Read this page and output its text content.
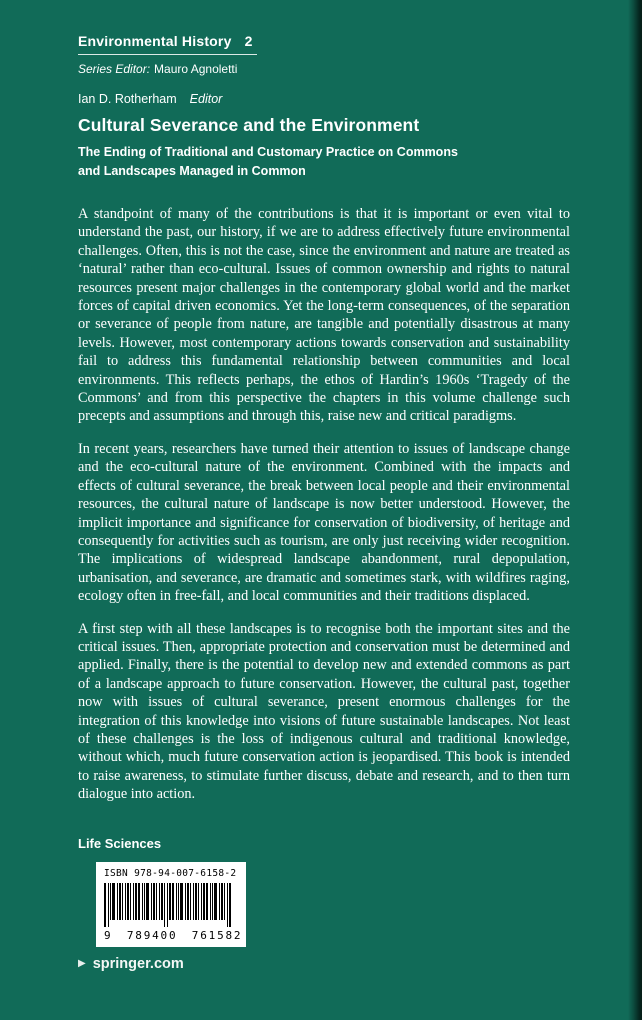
Environmental History 2
Series Editor: Mauro Agnoletti
Ian D. Rotherham Editor
Cultural Severance and the Environment
The Ending of Traditional and Customary Practice on Commons and Landscapes Managed in Common

A standpoint of many of the contributions is that it is important or even vital to understand the past, our history, if we are to address effectively future environmental challenges. Often, this is not the case, since the environment and nature are treated as ‘natural’ rather than eco-cultural. Issues of common ownership and rights to natural resources present major challenges in the contemporary global world and the market forces of capital driven economics. Yet the long-term consequences, of the separation or severance of people from nature, are tangible and potentially disastrous at many levels. However, most contemporary actions towards conservation and sustainability fail to address this fundamental relationship between communities and local environments. This reflects perhaps, the ethos of Hardin’s 1960s ‘Tragedy of the Commons’ and from this perspective the chapters in this volume challenge such precepts and assumptions and through this, raise new and critical paradigms.

In recent years, researchers have turned their attention to issues of landscape change and the eco-cultural nature of the environment. Combined with the impacts and effects of cultural severance, the break between local people and their environmental resources, the cultural nature of landscape is now better understood. However, the implicit importance and significance for conservation of biodiversity, of heritage and consequently for activities such as tourism, are only just receiving wider recognition. The implications of widespread landscape abandonment, rural depopulation, urbanisation, and severance, are dramatic and sometimes stark, with wildfires raging, ecology often in free-fall, and local communities and their traditions displaced.

A first step with all these landscapes is to recognise both the important sites and the critical issues. Then, appropriate protection and conservation must be determined and applied. Finally, there is the potential to develop new and extended commons as part of a landscape approach to future conservation. However, the cultural past, together now with issues of cultural severance, present enormous challenges for the integration of this knowledge into visions of future sustainable landscapes. Not least of these challenges is the loss of indigenous cultural and traditional knowledge, without which, much future conservation action is jeopardised. This book is intended to raise awareness, to stimulate further discuss, debate and research, and to then turn dialogue into action.

Life Sciences
ISBN 978-94-007-6158-2
9 789400 761582
▶ springer.com
